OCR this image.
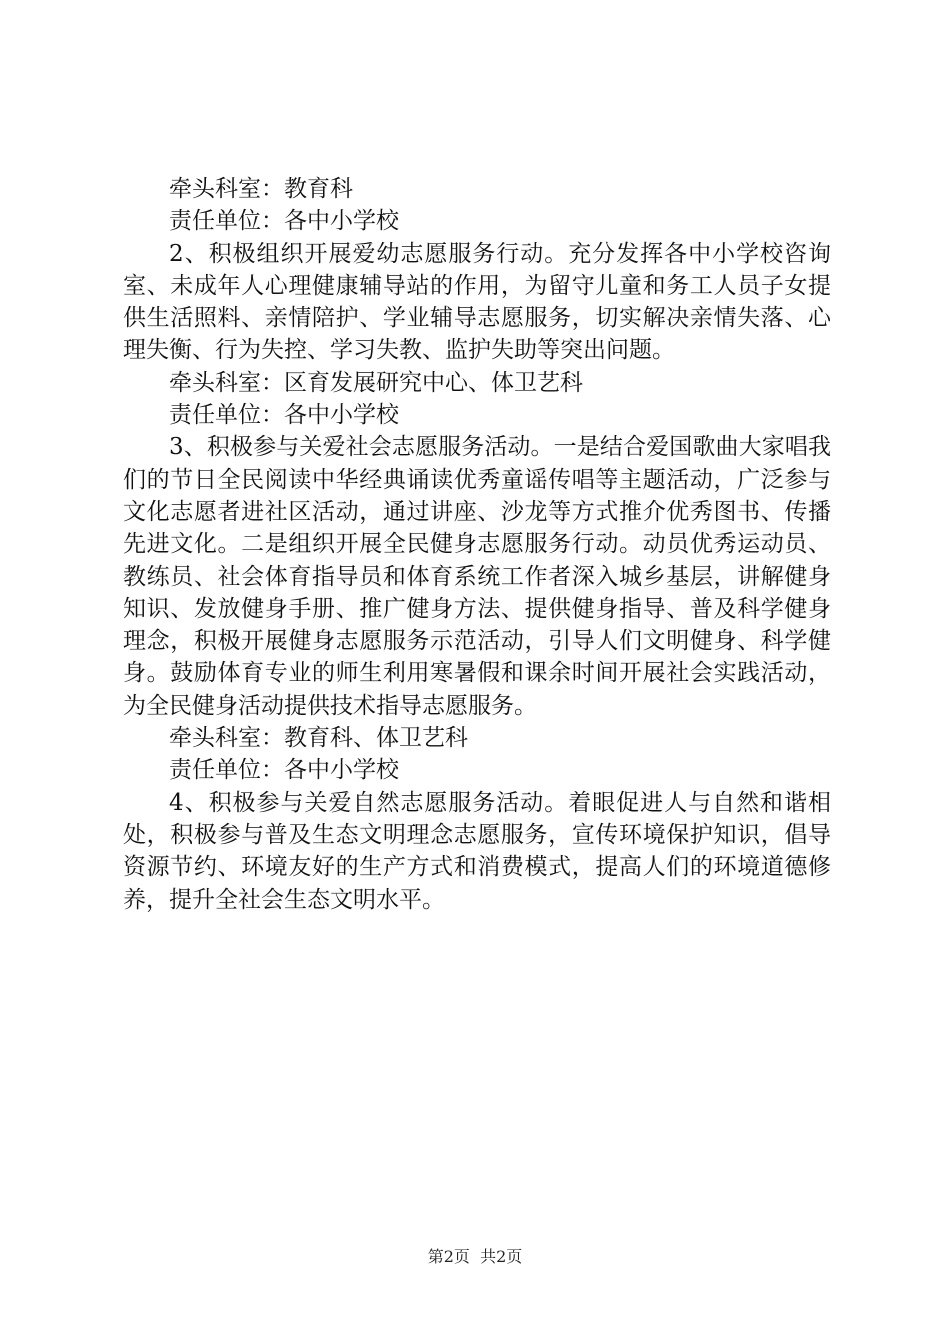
牵头科室：教育科

责任单位：各中小学校

2、积极组织开展爱幼志愿服务行动。充分发挥各中小学校咨询室、未成年人心理健康辅导站的作用，为留守儿童和务工人员子女提供生活照料、亲情陪护、学业辅导志愿服务，切实解决亲情失落、心理失衡、行为失控、学习失教、监护失助等突出问题。

牵头科室：区育发展研究中心、体卫艺科

责任单位：各中小学校

3、积极参与关爱社会志愿服务活动。一是结合爱国歌曲大家唱我们的节日全民阅读中华经典诵读优秀童谣传唱等主题活动，广泛参与文化志愿者进社区活动，通过讲座、沙龙等方式推介优秀图书、传播先进文化。二是组织开展全民健身志愿服务行动。动员优秀运动员、教练员、社会体育指导员和体育系统工作者深入城乡基层，讲解健身知识、发放健身手册、推广健身方法、提供健身指导、普及科学健身理念，积极开展健身志愿服务示范活动，引导人们文明健身、科学健身。鼓励体育专业的师生利用寒暑假和课余时间开展社会实践活动，为全民健身活动提供技术指导志愿服务。

牵头科室：教育科、体卫艺科

责任单位：各中小学校

4、积极参与关爱自然志愿服务活动。着眼促进人与自然和谐相处，积极参与普及生态文明理念志愿服务，宣传环境保护知识，倡导资源节约、环境友好的生产方式和消费模式，提高人们的环境道德修养，提升全社会生态文明水平。

第2页  共2页
